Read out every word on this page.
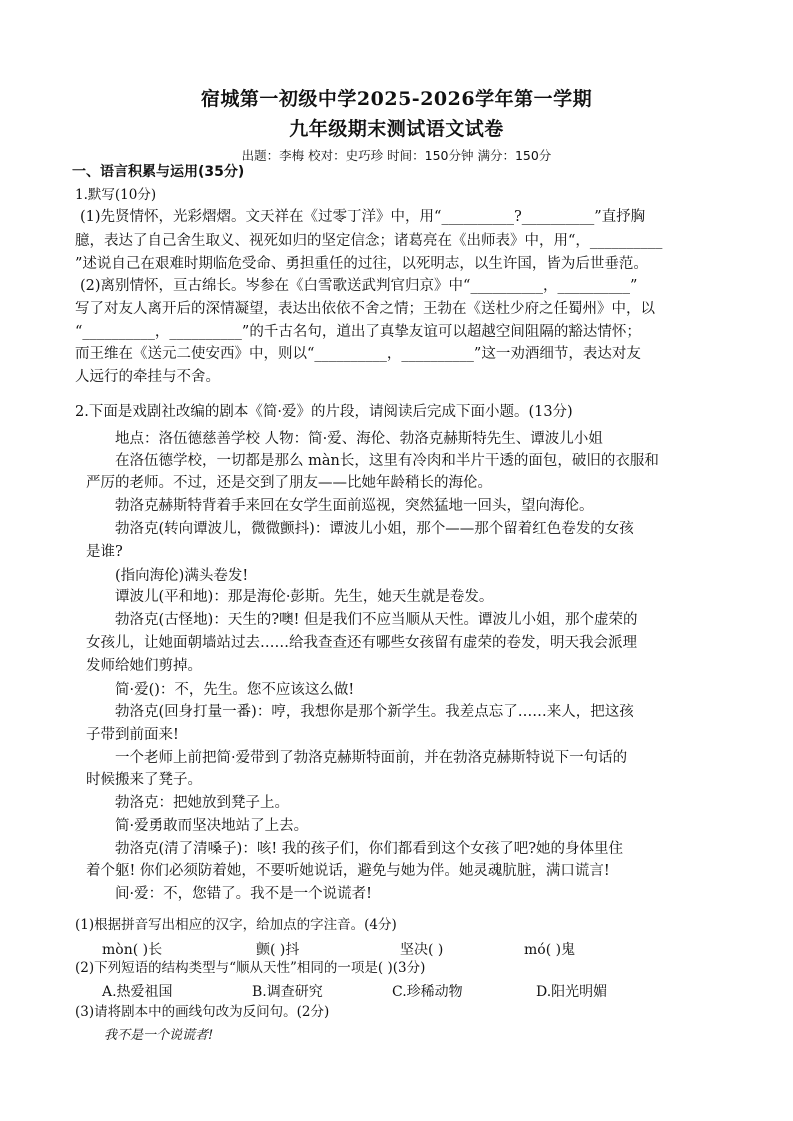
宿城第一初级中学2025-2026学年第一学期
九年级期末测试语文试卷
出题：李梅 校对：史巧珍 时间：150分钟 满分：150分
一、语言积累与运用(35分)
1.默写(10分)
(1)先贤情怀，光彩熠熠。文天祥在《过零丁洋》中，用“__________?__________”直抒胸
臆，表达了自己舍生取义、视死如归的坚定信念；诸葛亮在《出师表》中，用“，__________
”述说自己在艰难时期临危受命、勇担重任的过往，以死明志，以生许国，皆为后世垂范。
(2)离别情怀，亘古绵长。岑参在《白雪歌送武判官归京》中“__________，__________”
写了对友人离开后的深情凝望，表达出依依不舍之情；王勃在《送杜少府之任蜀州》中，以
“__________，__________”的千古名句，道出了真挚友谊可以超越空间阻隔的豁达情怀；
而王维在《送元二使安西》中，则以“__________，__________”这一劝酒细节，表达对友
人远行的牵挂与不舍。
2.下面是戏剧社改编的剧本《简·爱》的片段，请阅读后完成下面小题。(13分)
地点：洛伍德慈善学校 人物：简·爱、海伦、勃洛克赫斯特先生、谭波儿小姐
在洛伍德学校，一切都是那么 màn长，这里有冷肉和半片干透的面包，破旧的衣服和
严厉的老师。不过，还是交到了朋友——比她年龄稍长的海伦。
勃洛克赫斯特背着手来回在女学生面前巡视，突然猛地一回头，望向海伦。
勃洛克(转向谭波儿，微微颤抖)：谭波儿小姐，那个——那个留着红色卷发的女孩
是谁?
(指向海伦)满头卷发!
谭波儿(平和地)：那是海伦·彭斯。先生，她天生就是卷发。
勃洛克(古怪地)：天生的?噢! 但是我们不应当顺从天性。谭波儿小姐，那个虚荣的
女孩儿，让她面朝墙站过去……给我查查还有哪些女孩留有虚荣的卷发，明天我会派理
发师给她们剪掉。
简·爱()：不，先生。您不应该这么做!
勃洛克(回身打量一番)：哼，我想你是那个新学生。我差点忘了……来人，把这孩
子带到前面来!
一个老师上前把简·爱带到了勃洛克赫斯特面前，并在勃洛克赫斯特说下一句话的
时候搬来了凳子。
勃洛克：把她放到凳子上。
简·爱勇敢而坚决地站了上去。
勃洛克(清了清嗓子)：咳! 我的孩子们，你们都看到这个女孩了吧?她的身体里住
着个躯! 你们必须防着她，不要听她说话，避免与她为伴。她灵魂肮脏，满口谎言!
间·爱：不，您错了。我不是一个说谎者!
(1)根据拼音写出相应的汉字，给加点的字注音。(4分)
mòn( )长	颤( )抖	坚决( )	mó( )鬼
(2)下列短语的结构类型与“顺从天性”相同的一项是( )(3分)
A.热爱祖国	B.调查研究	C.珍稀动物	D.阳光明媚
(3)请将剧本中的画线句改为反问句。(2分)
我不是一个说谎者!
